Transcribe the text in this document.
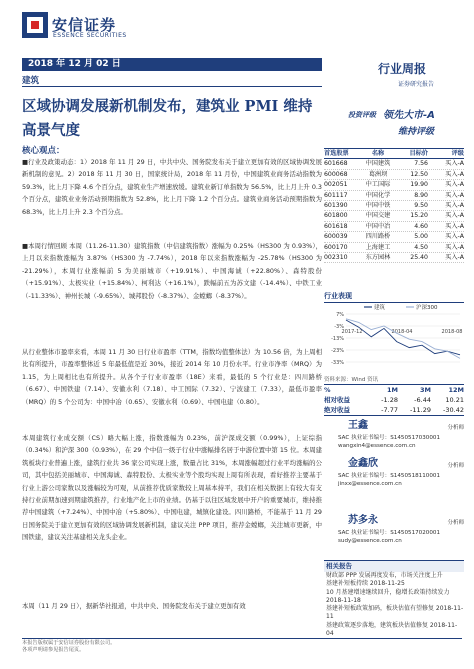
安信证券
ESSENCE SECURITIES
2018 年 12 月 02 日
建筑
行业周报
证券研究报告
区域协调发展新机制发布，建筑业 PMI 维持高景气度
投资评级 领先大市-A
维持评级
核心观点：
■行业及政策动态：1）2018 年 11 月 29 日，中共中央、国务院发布关于建立更加有效的区域协调发展新机制的意见。2）2018 年 11 月 30 日，国家统计局，2018 年 11 月份，中国建筑业商务活动指数为 59.3%，比上月下降 4.6 个百分点，建筑业生产增速放缓。建筑业新订单指数为 56.5%，比上月上升 0.3 个百分点，建筑业业务活动预期指数为 52.8%，比上月下降 1.2 个百分点。建筑业商务活动预期指数为 68.3%，比上月上升 2.3 个百分点。
■本周行情回顾 本周（11.26-11.30）建筑指数（中信建筑指数）涨幅为 0.25%（HS300 为 0.93%），上月以来指数涨幅为 3.87%（HS300 为 -7.74%），2018 年以来指数涨幅为 -25.78%（HS300 为 -21.29%），本周行业涨幅前 5 为美丽城市（+19.91%）、中国海诚（+22.80%）、森特股份（+15.91%）、太极实业（+15.84%）、柯利达（+16.1%），跌幅前五为苏文建（-14.4%）、中铁工业（-11.33%）、神州长城（-9.65%）、城邦股份（-8.37%）、金螳螂（-8.37%）。
从行业整体市盈率来看，本周 11 月 30 日行业市盈率（TTM，指数均值整体法）为 10.56 倍，为上周相比有所提升，市盈率整体近 5 年最低值是近 30%，接近 2014 年 10 月份水平。行业市净率（MRQ）为 1.15，为上周相比也有所提升。从各个子行业市盈率（18E）来看，最低的 5 个行业是：四川路桥（6.67）、中国铁建（7.14）、安徽水利（7.18）、中工国际（7.32）、宁波建工（7.33），最低市盈率（MRQ）的 5 个公司为：中国中冶（0.65）、安徽水利（0.69）、中国电建（0.80）。
本周建筑行业成交额（CS）略大幅上涨，指数涨幅为 0.23%，前沪深成交额（0.99%），上证综指（0.34%）和沪深 300（0.93%），在 29 个中信一级子行业中涨幅排名居于中游位置中第 15 位。本周建筑板块行业普遍上涨，建筑行业共 36 家公司实现上涨，数量占比 31%，本周涨幅超过行业平均涨幅的公司，其中包括美丽城市、中国海诚、森特股份、太极实业等个股均实现上周有所表现，看好推荐主要基于行业上游公司家数以及涨幅较为可观，从前推荐优质家数较上周基本持平，我们在相关数据上有较大有支持行业前期加速到期建筑推荐，行业地产化上市的业绩。仍基于以往区域发展中开户的重要城市，维持推荐中国建筑（+7.24%）、中国中冶（+5.80%）、中国电建，城镇化建设。四川路桥，不能基于 11 月 29 日国务院关于建立更加有效的区域协调发展新机制，建议关注 PPP 项目，推荐金螳螂，关注城市更新，中国铁建，建议关注基建相关龙头企业。
本周（11 月 29 日），据新华社报道，中共中央、国务院发布关于建立更加有效
首选股票	名称	目标价	评级
601668	中国建筑	7.56	买入-A
600068	葛洲坝	12.50	买入-A
002051	中工国际	19.90	买入-A
601117	中国化学	8.90	买入-A
601390	中国中铁	9.50	买入-A
601800	中国交建	15.20	买入-A
601618	中国中冶	4.60	买入-A
600039	四川路桥	5.00	买入-A
600170	上海建工	4.50	买入-A
002310	东方园林	25.40	买入-A
行业表现
7%
-3%
-13%
-23%
-33%
2017-12	2018-04	2018-08
建筑	沪深300
资料来源：Wind 资讯
%	1M	3M	12M
相对收益	-1.28	-6.44	10.21
绝对收益	-7.77	-11.29	-30.42
王鑫	分析师
SAC 执业证书编号：S1450517030001
wangxin4@essence.com.cn
金鑫欣	分析师
SAC 执业证书编号：S1450518110001
jinxx@essence.com.cn
苏多永	分析师
SAC 执业证书编号：S1450517020001
sudy@essence.com.cn
相关报告
财政部 PPP 发展再度发布，市场关注度上升
基建补短板持续 2018-11-25
10 月基建增速继续回升，稳增长政策持续发力 2018-11-18
基建补短板政策加码，板块估值有望修复 2018-11-11
基建政策逐步落地，建筑板块估值修复 2018-11-04
本报告版权属于安信证券股份有限公司。
各项声明请参见报告尾页。
